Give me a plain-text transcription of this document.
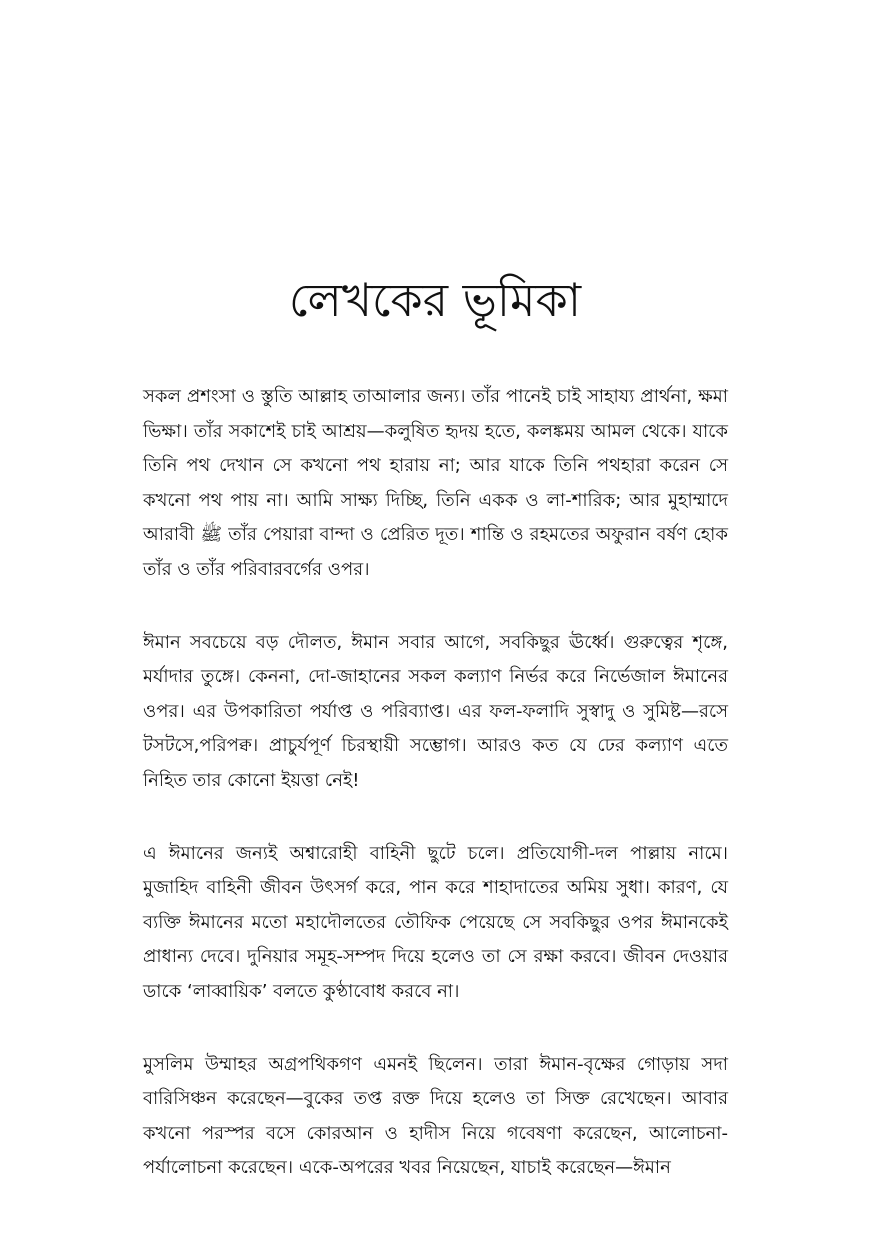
লেখকের ভূমিকা

সকল প্রশংসা ও স্তুতি আল্লাহ তাআলার জন্য। তাঁর পানেই চাই সাহায্য প্রার্থনা, ক্ষমা ভিক্ষা। তাঁর সকাশেই চাই আশ্রয়—কলুষিত হৃদয় হতে, কলঙ্কময় আমল থেকে। যাকে তিনি পথ দেখান সে কখনো পথ হারায় না; আর যাকে তিনি পথহারা করেন সে কখনো পথ পায় না। আমি সাক্ষ্য দিচ্ছি, তিনি একক ও লা-শারিক; আর মুহাম্মাদে আরাবী ﷺ তাঁর পেয়ারা বান্দা ও প্রেরিত দূত। শান্তি ও রহমতের অফুরান বর্ষণ হোক তাঁর ও তাঁর পরিবারবর্গের ওপর।

ঈমান সবচেয়ে বড় দৌলত, ঈমান সবার আগে, সবকিছুর ঊর্ধ্বে। গুরুত্বের শৃঙ্গে, মর্যাদার তুঙ্গে। কেননা, দো-জাহানের সকল কল্যাণ নির্ভর করে নির্ভেজাল ঈমানের ওপর। এর উপকারিতা পর্যাপ্ত ও পরিব্যাপ্ত। এর ফল-ফলাদি সুস্বাদু ও সুমিষ্ট—রসে টসটসে,পরিপক্ব। প্রাচুর্যপূর্ণ চিরস্থায়ী সম্ভোগ। আরও কত যে ঢের কল্যাণ এতে নিহিত তার কোনো ইয়ত্তা নেই!

এ ঈমানের জন্যই অশ্বারোহী বাহিনী ছুটে চলে। প্রতিযোগী-দল পাল্লায় নামে। মুজাহিদ বাহিনী জীবন উৎসর্গ করে, পান করে শাহাদাতের অমিয় সুধা। কারণ, যে ব্যক্তি ঈমানের মতো মহাদৌলতের তৌফিক পেয়েছে সে সবকিছুর ওপর ঈমানকেই প্রাধান্য দেবে। দুনিয়ার সমূহ-সম্পদ দিয়ে হলেও তা সে রক্ষা করবে। জীবন দেওয়ার ডাকে ‘লাব্বায়িক’ বলতে কুণ্ঠাবোধ করবে না।

মুসলিম উম্মাহর অগ্রপথিকগণ এমনই ছিলেন। তারা ঈমান-বৃক্ষের গোড়ায় সদা বারিসিঞ্চন করেছেন—বুকের তপ্ত রক্ত দিয়ে হলেও তা সিক্ত রেখেছেন। আবার কখনো পরস্পর বসে কোরআন ও হাদীস নিয়ে গবেষণা করেছেন, আলোচনা-পর্যালোচনা করেছেন। একে-অপরের খবর নিয়েছেন, যাচাই করেছেন—ঈমান
